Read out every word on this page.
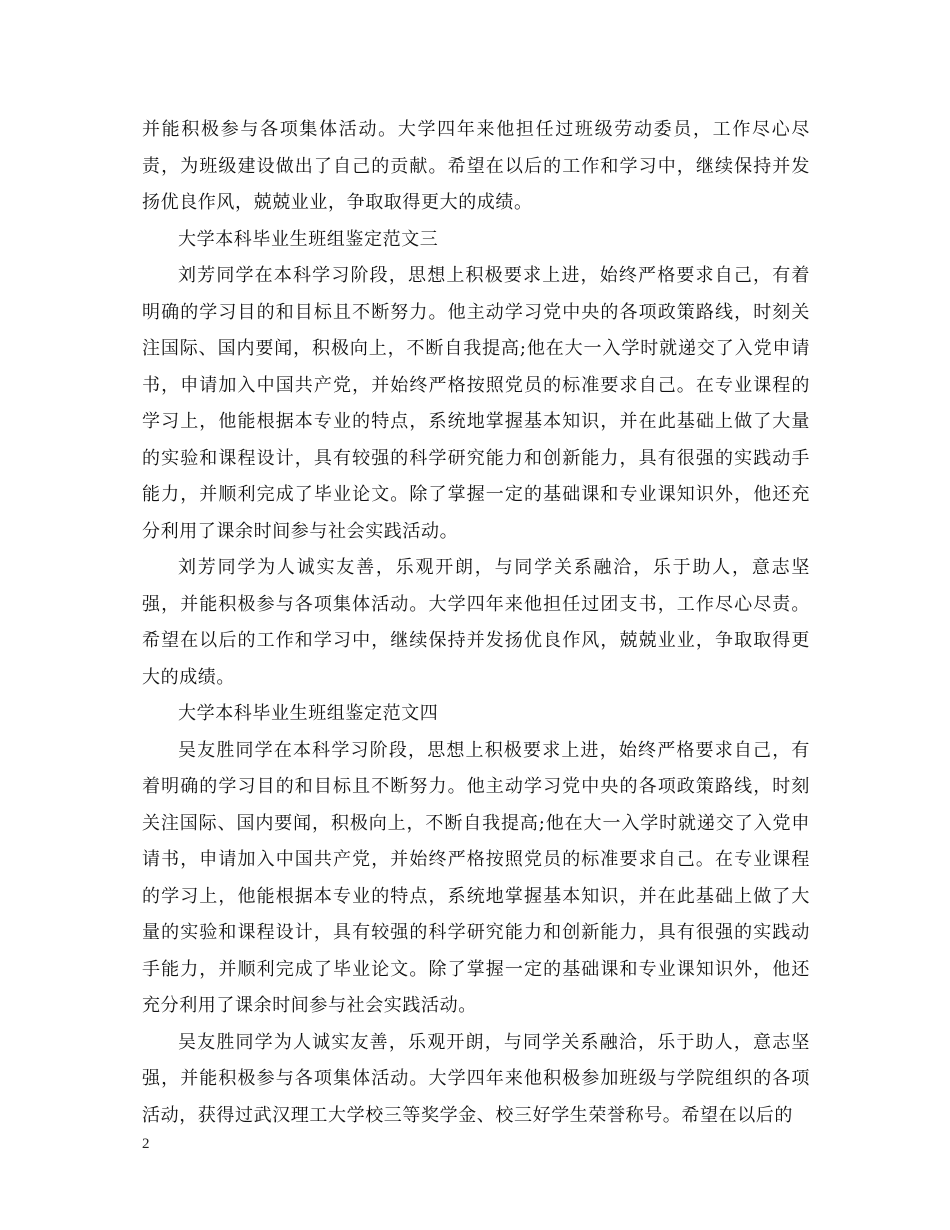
并能积极参与各项集体活动。大学四年来他担任过班级劳动委员，工作尽心尽责，为班级建设做出了自己的贡献。希望在以后的工作和学习中，继续保持并发扬优良作风，兢兢业业，争取取得更大的成绩。

大学本科毕业生班组鉴定范文三

刘芳同学在本科学习阶段，思想上积极要求上进，始终严格要求自己，有着明确的学习目的和目标且不断努力。他主动学习党中央的各项政策路线，时刻关注国际、国内要闻，积极向上，不断自我提高;他在大一入学时就递交了入党申请书，申请加入中国共产党，并始终严格按照党员的标准要求自己。在专业课程的学习上，他能根据本专业的特点，系统地掌握基本知识，并在此基础上做了大量的实验和课程设计，具有较强的科学研究能力和创新能力，具有很强的实践动手能力，并顺利完成了毕业论文。除了掌握一定的基础课和专业课知识外，他还充分利用了课余时间参与社会实践活动。

刘芳同学为人诚实友善，乐观开朗，与同学关系融洽，乐于助人，意志坚强，并能积极参与各项集体活动。大学四年来他担任过团支书，工作尽心尽责。希望在以后的工作和学习中，继续保持并发扬优良作风，兢兢业业，争取取得更大的成绩。

大学本科毕业生班组鉴定范文四

吴友胜同学在本科学习阶段，思想上积极要求上进，始终严格要求自己，有着明确的学习目的和目标且不断努力。他主动学习党中央的各项政策路线，时刻关注国际、国内要闻，积极向上，不断自我提高;他在大一入学时就递交了入党申请书，申请加入中国共产党，并始终严格按照党员的标准要求自己。在专业课程的学习上，他能根据本专业的特点，系统地掌握基本知识，并在此基础上做了大量的实验和课程设计，具有较强的科学研究能力和创新能力，具有很强的实践动手能力，并顺利完成了毕业论文。除了掌握一定的基础课和专业课知识外，他还充分利用了课余时间参与社会实践活动。

吴友胜同学为人诚实友善，乐观开朗，与同学关系融洽，乐于助人，意志坚强，并能积极参与各项集体活动。大学四年来他积极参加班级与学院组织的各项活动，获得过武汉理工大学校三等奖学金、校三好学生荣誉称号。希望在以后的

2
